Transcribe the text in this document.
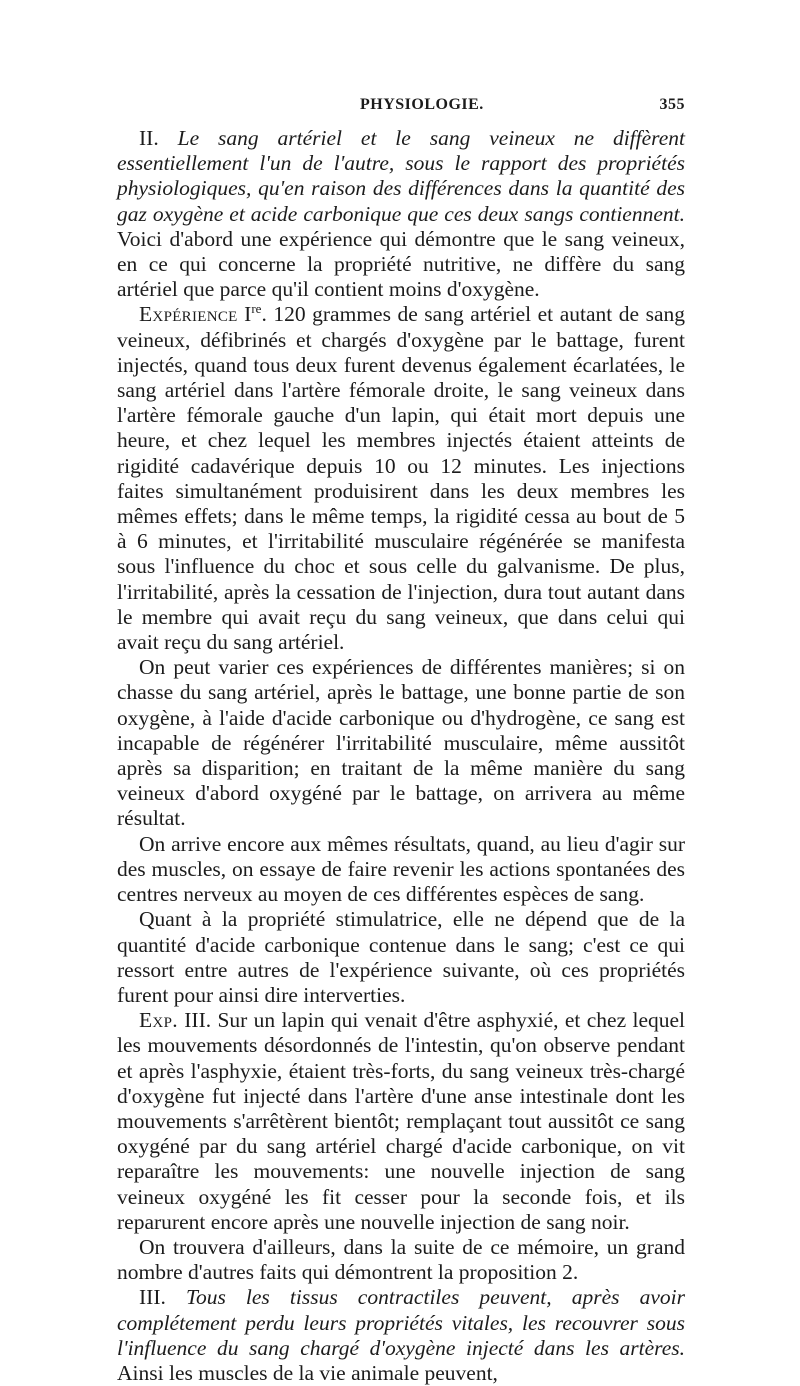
PHYSIOLOGIE.	355

II. Le sang artériel et le sang veineux ne diffèrent essentiellement l'un de l'autre, sous le rapport des propriétés physiologiques, qu'en raison des différences dans la quantité des gaz oxygène et acide carbonique que ces deux sangs contiennent. Voici d'abord une expérience qui démontre que le sang veineux, en ce qui concerne la propriété nutritive, ne diffère du sang artériel que parce qu'il contient moins d'oxygène.

Expérience Ire. 120 grammes de sang artériel et autant de sang veineux, défibrinés et chargés d'oxygène par le battage, furent injectés, quand tous deux furent devenus également écarlatées, le sang artériel dans l'artère fémorale droite, le sang veineux dans l'artère fémorale gauche d'un lapin, qui était mort depuis une heure, et chez lequel les membres injectés étaient atteints de rigidité cadavérique depuis 10 ou 12 minutes. Les injections faites simultanément produisirent dans les deux membres les mêmes effets; dans le même temps, la rigidité cessa au bout de 5 à 6 minutes, et l'irritabilité musculaire régénérée se manifesta sous l'influence du choc et sous celle du galvanisme. De plus, l'irritabilité, après la cessation de l'injection, dura tout autant dans le membre qui avait reçu du sang veineux, que dans celui qui avait reçu du sang artériel.

On peut varier ces expériences de différentes manières; si on chasse du sang artériel, après le battage, une bonne partie de son oxygène, à l'aide d'acide carbonique ou d'hydrogène, ce sang est incapable de régénérer l'irritabilité musculaire, même aussitôt après sa disparition; en traitant de la même manière du sang veineux d'abord oxygéné par le battage, on arrivera au même résultat.

On arrive encore aux mêmes résultats, quand, au lieu d'agir sur des muscles, on essaye de faire revenir les actions spontanées des centres nerveux au moyen de ces différentes espèces de sang.

Quant à la propriété stimulatrice, elle ne dépend que de la quantité d'acide carbonique contenue dans le sang; c'est ce qui ressort entre autres de l'expérience suivante, où ces propriétés furent pour ainsi dire interverties.

Exp. III. Sur un lapin qui venait d'être asphyxié, et chez lequel les mouvements désordonnés de l'intestin, qu'on observe pendant et après l'asphyxie, étaient très-forts, du sang veineux très-chargé d'oxygène fut injecté dans l'artère d'une anse intestinale dont les mouvements s'arrêtèrent bientôt; remplaçant tout aussitôt ce sang oxygéné par du sang artériel chargé d'acide carbonique, on vit reparaître les mouvements: une nouvelle injection de sang veineux oxygéné les fit cesser pour la seconde fois, et ils reparurent encore après une nouvelle injection de sang noir.

On trouvera d'ailleurs, dans la suite de ce mémoire, un grand nombre d'autres faits qui démontrent la proposition 2.

III. Tous les tissus contractiles peuvent, après avoir complétement perdu leurs propriétés vitales, les recouvrer sous l'influence du sang chargé d'oxygène injecté dans les artères. Ainsi les muscles de la vie animale peuvent,
